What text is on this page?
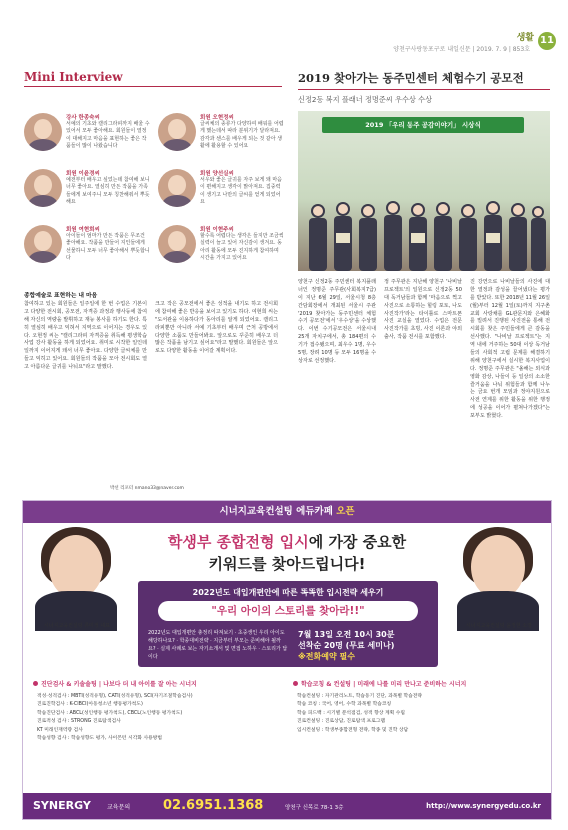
생활 11
양천구사랑동포구로 내일신문 | 2019. 7. 9 | 853호
Mini Interview
강사 한종숙씨
서예의 기초와 캘리그라피까지 배울 수 있어서 모두 좋아해요. 회원들이 열정이 대해지고 마음을 표현하는 좋은 작품들이 많이 나왔습니다
회원 오현정씨
글씨체의 종류가 다양하여 배워를 어렵게 했는데서 따라 분위기가 달라져요. 감각과 센스를 배우게 되는 것 같아 생활에 활용할 수 있어요
회원 이윤경씨
예전부터 배우고 싶었는데 참여해 보니 너무 좋아요. 열심히 만든 작품을 가족들에게 보여주니 모두 칭찬해줘서 뿌듯해요
회원 양선실씨
서우와 좋은 글귀를 자주 보게 돼 마음이 편해지고 생각이 맑아져요. 집중력이 생기고 나만의 글씨를 얻게 되었어요
회원 여현희씨
아이들이 엄마가 만든 작품은 무조건 좋아해요. 작품을 만들어 지인들에게 선물하니 모두 너무 좋아해서 뿌듯합니다
회원 이현주씨
할수록 어렵다는 생각은 들지만 조금씩 실력이 늘고 있어 자신감이 생겨요. 동아리 활동에 모두 진지하게 참여하며 시간을 가지고 있어요
종합예술로 표현하는 내 마음
참여하고 있는 회원들은 일주일에 한 번 수업은 기본이고 다양한 전시회, 공모전, 자격증 과정과 행사등에 참여해 자신의 역량을 발휘하고 재능 봉사를 하기도 한다. 특히 열심히 배우고 익혀서 지역으로 이어지는 경우도 있다. 오현정 씨는 "캘리그라피 자격증을 취득해 평생학습 사업 강사 활동을 하게 되었어요. 취미로 시작한 일인데 일까지 이어지게 돼서 너무 좋아요. 다양한 글씨체를 만들고 익히고 있어요. 회원들의 작품을 모아 전시회도 열고 아름다운 글귀를 나눠요"라고 말했다.
크고 작은 공모전에서 좋은 성적을 내기도 하고 전시회에 참여해 좋은 반응을 보이고 있기도 하다. 여현희 씨는 "도서관을 이용하다가 동아리를 알게 되었어요. 캘리그라피뿐만 아니라 서예 기초부터 배우며 근처 공방에서 다양한 소품도 만들어봐요. 앞으로도 꾸준히 배우고 더 많은 작품을 남기고 싶어요"라고 말했다. 회원들은 앞으로도 다양한 활동을 이어갈 계획이다.
박선 리포터 nmano33@naver.com
2019 찾아가는 동주민센터 체험수기 공모전
신정2동 복지 플래너 정명준씨 우수상 수상
2019 「우리 동주 공감이야기」 시상식
양천구 신정2동 주민센터 복지플래너인 정명준 주무관(사회복지7급)이 지난 6월 29일, 서울시청 8층 간담회장에서 개최된 서울시 주관 '2019 찾아가는 동주민센터 체험수기 공모전'에서 '우수상'을 수상했다. 이번 수기공모전은 서울시내 25개 자치구에서, 총 184편의 수기가 접수됐으며, 최우수 1명, 우수 5명, 장려 10명 등 모두 16명을 수상자로 선정했다.
정 주무관은 지난해 양천구 '나비날 프로젝트'의 일원으로 신정2동 50대 독거남들과 함께 '마음으로 찍고 사진으로 소통하는 힐링 포토, 나도 사진작가'라는 타이틀로 스마트폰 사진 교실을 열었다. 수업은 전문 사진작가를 초빙, 사진 이론과 야외 출사, 작품 전시를 포함했다.
진 강연으로 나비날들의 사진에 대한 열정과 감성을 끌어냈다는 평가를 받았다. 또한 2018년 11월 26일(월)부터 12월 1일(토)까지 지구촌 교회 사랑채를 GL관문지와 은혜화를 빌려서 진행된 사진전을 통해 전시회를 찾은 주민들에게 큰 감동을 선사했다. "나비날 프로젝트"는 지역 내에 거주하는 50대 이상 독거남들의 사회적 고립 문제를 해결하기 위해 양천구에서 실시한 복지사업이다. 정명준 주무관은 "올해는 외식과 영화 감상, 나들이 등 일상의 소소한 즐거움을 나눠 위험들과 함께 나누는 금요 번개 모임과 정야지원으로 사전 연계를 위한 활동을 위한 행정에 성공을 이어가 펼쳐나가겠다"는 포부도 밝혔다.
시너지교육컨설팅 에듀카페 오픈
학생부 종합전형 입시에 가장 중요한
키워드를 찾아드립니다!
시너지교육컨설팅 류미정 대표	시너지교육컨설팅 윤정현 소장
2022년도 대입개편안에 따른 똑똑한 입시전략 세우기
"우리 아이의 스토리를 찾아라!!"
2022년도 대입개편안 총정리 따져보기 · 초중생인 우리 아이도 해당하나요? · 학종대비전략 · 지금부터 부모는 준비해야 될까요? · 실제 사례로 보는 자기소개서 및 면접 노하우 · 스토리가 답이다
7월 13일 오전 10시 30분
선착순 20명 (무료 세미나)
※전화예약 필수
진단검사 & 키솔솔팅 | 나보다 더 내 아이를 잘 아는 시너지	학습코칭 & 컨설팅 | 미래에 나를 미리 만나고 준비하는 시너지
적성·성격검사 : MBTI(성격유형), CATI(성격유형), SCI(자기조절학습검사)
진로진학검사 : K-CIBCI(아동청소년 행동평가척도)
학습진단검사 : ABCL(성인행동 평가척도), CBCL(노인행동 평가척도)
진로적성 검사 : STRONG 진로탐색검사
KT 미래인재역량 검사
학습성향 검사 : 학습성향도 평가, 사이몬턴 시각화 사용방법
학습컨설팅 : 자기관리노트, 학습동기 진단, 과목별 학습전략
학습 코칭 : 국어, 영어, 수학 과목별 학습코칭
학습 피드백 : 시기별 분석점검, 성적 향상 계획 수립
진로컨설팅 : 진로상담, 진로탐색 프로그램
입시컨설팅 : 학생부종합전형 전략, 학종 및 진학 상담
SYNERGY	교육문의	02.6951.1368	양천구 신목로 78-1 3층	http://www.synergyedu.co.kr
